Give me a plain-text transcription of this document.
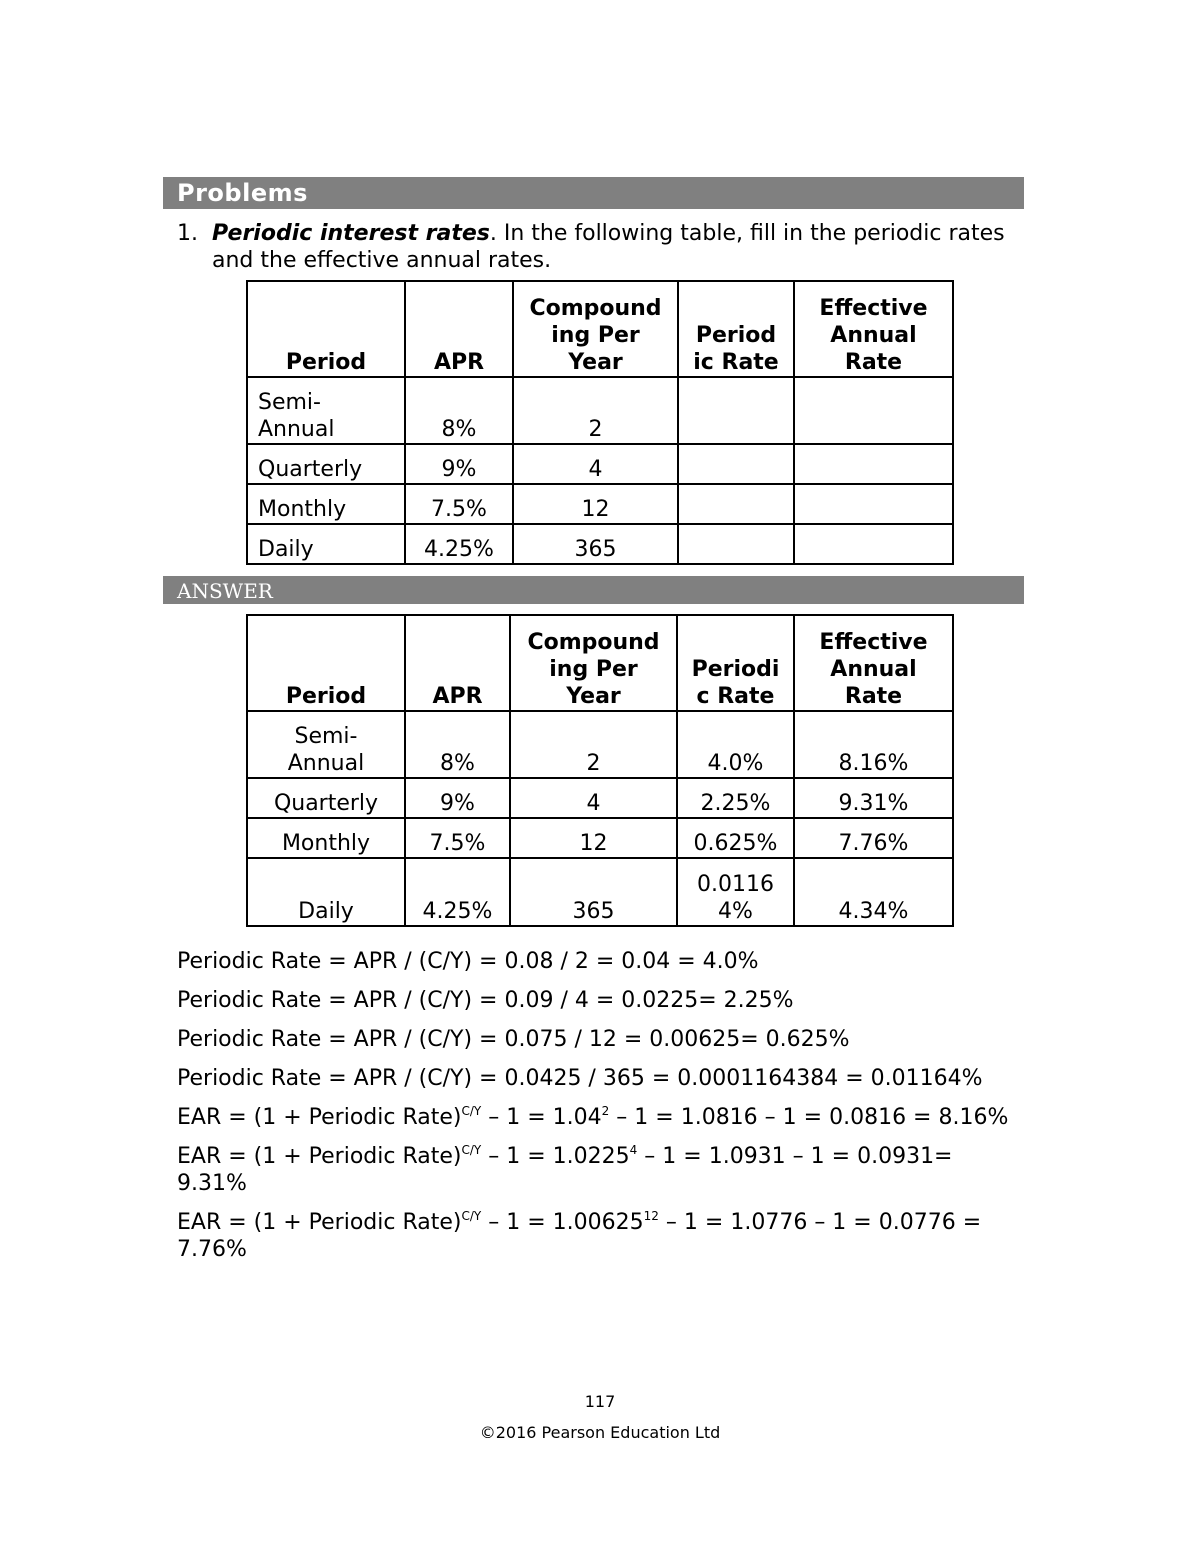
Problems
1. Periodic interest rates. In the following table, fill in the periodic rates and the effective annual rates.
Period	APR	Compound ing Per Year	Period ic Rate	Effective Annual Rate
Semi- Annual	8%	2		
Quarterly	9%	4		
Monthly	7.5%	12		
Daily	4.25%	365		
ANSWER
Period	APR	Compound ing Per Year	Periodi c Rate	Effective Annual Rate
Semi- Annual	8%	2	4.0%	8.16%
Quarterly	9%	4	2.25%	9.31%
Monthly	7.5%	12	0.625%	7.76%
Daily	4.25%	365	0.0116 4%	4.34%
Periodic Rate = APR / (C/Y) = 0.08 / 2 = 0.04 = 4.0%
Periodic Rate = APR / (C/Y) = 0.09 / 4 = 0.0225= 2.25%
Periodic Rate = APR / (C/Y) = 0.075 / 12 = 0.00625= 0.625%
Periodic Rate = APR / (C/Y) = 0.0425 / 365 = 0.0001164384 = 0.01164%
EAR = (1 + Periodic Rate)$^{C/Y}$ – $1 = 1.04^2 - 1 = 1.0816 - 1 = 0.0816 = 8.16\%$
EAR = (1 + Periodic Rate)$^{C/Y}$ – $1 = 1.0225^4 - 1 = 1.0931 - 1 = 0.0931= 9.31\%$
EAR = (1 + Periodic Rate)$^{C/Y}$ – $1 = 1.00625^{12} - 1 = 1.0776 - 1 = 0.0776 = 7.76\%$
117
©2016 Pearson Education Ltd
